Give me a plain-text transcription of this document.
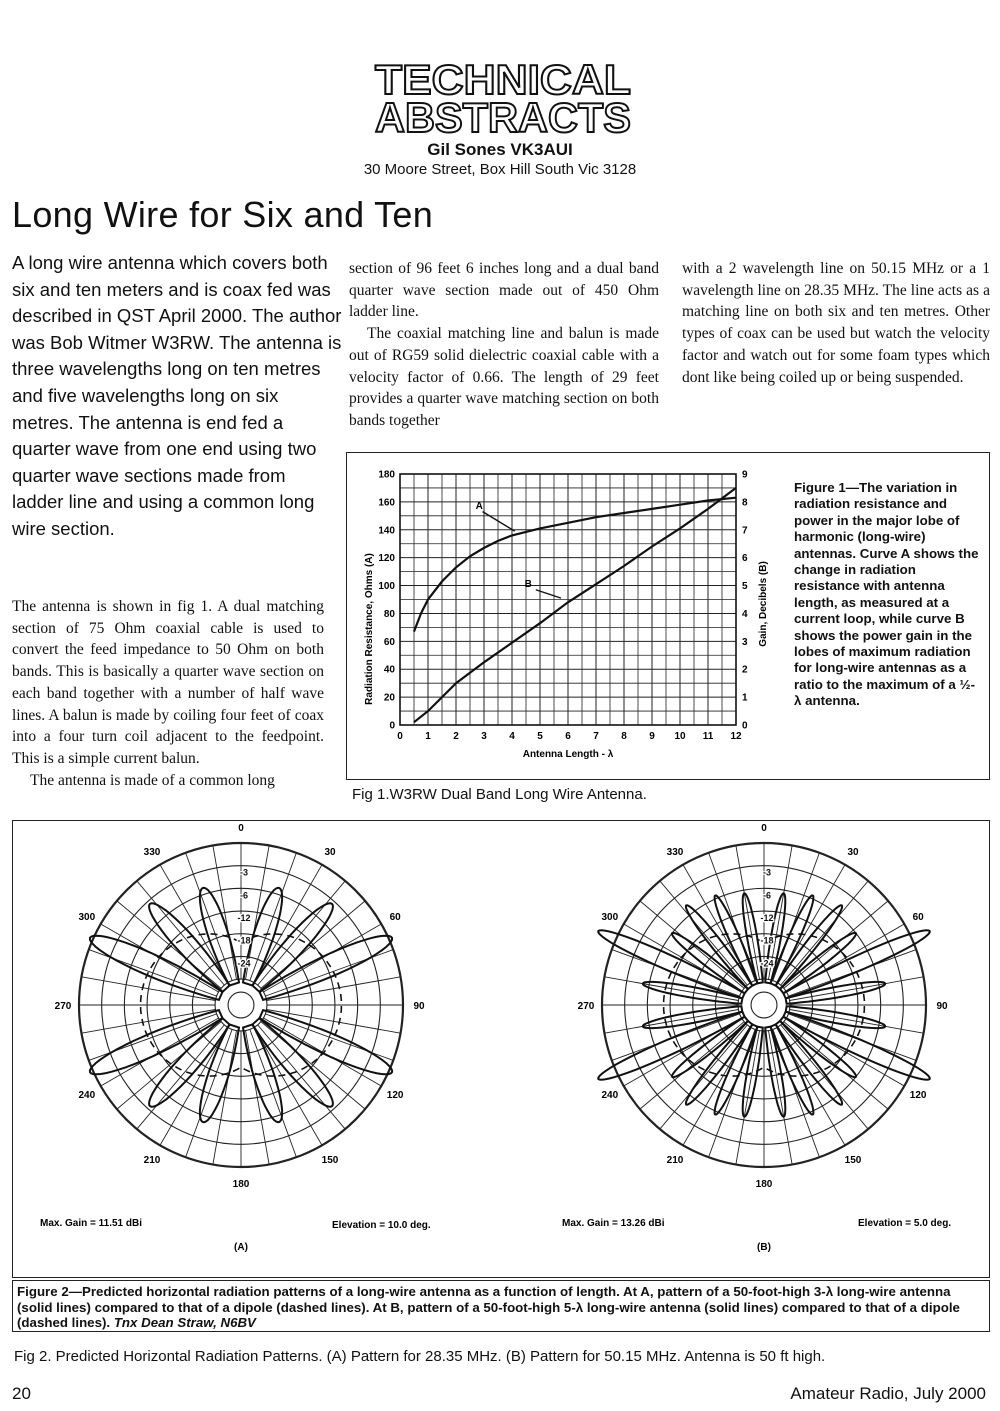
TECHNICAL
ABSTRACTS
Gil Sones VK3AUI
30 Moore Street, Box Hill South Vic 3128
Long Wire for Six and Ten

A long wire antenna which covers both six and ten meters and is coax fed was described in QST April 2000. The author was Bob Witmer W3RW. The antenna is three wavelengths long on ten metres and five wavelengths long on six metres. The antenna is end fed a quarter wave from one end using two quarter wave sections made from ladder line and using a common long wire section.

The antenna is shown in fig 1. A dual matching section of 75 Ohm coaxial cable is used to convert the feed impedance to 50 Ohm on both bands. This is basically a quarter wave section on each band together with a number of half wave lines. A balun is made by coiling four feet of coax into a four turn coil adjacent to the feedpoint. This is a simple current balun.

The antenna is made of a common long

section of 96 feet 6 inches long and a dual band quarter wave section made out of 450 Ohm ladder line.

The coaxial matching line and balun is made out of RG59 solid dielectric coaxial cable with a velocity factor of 0.66. The length of 29 feet provides a quarter wave matching section on both bands together

with a 2 wavelength line on 50.15 MHz or a 1 wavelength line on 28.35 MHz. The line acts as a matching line on both six and ten metres. Other types of coax can be used but watch the velocity factor and watch out for some foam types which dont like being coiled up or being suspended.

0 1 2 3 4 5 6 7 8 9 10 11 12
0
20
40
60
80
100
120
140
160
180
0
1
2
3
4
5
6
7
8
9
A
B
Radiation Resistance, Ohms (A)	Gain, Decibels (B)
Antenna Length - λ
Figure 1—The variation in radiation resistance and power in the major lobe of harmonic (long-wire) antennas. Curve A shows the change in radiation resistance with antenna length, as measured at a current loop, while curve B shows the power gain in the lobes of maximum radiation for long-wire antennas as a ratio to the maximum of a ½-λ antenna.
Fig 1.W3RW Dual Band Long Wire Antenna.
0
30
60
90
120
150
180
210
240
270
300
330
-3
-6
-12
-18
-24
Max. Gain = 11.51 dBi	Elevation = 10.0 deg.
(A)
0
30
60
90
120
150
180
210
240
270
300
330
-3
-6
-12
-18
-24
Max. Gain = 13.26 dBi	Elevation = 5.0 deg.
(B)
Figure 2—Predicted horizontal radiation patterns of a long-wire antenna as a function of length. At A, pattern of a 50-foot-high 3-λ long-wire antenna (solid lines) compared to that of a dipole (dashed lines). At B, pattern of a 50-foot-high 5-λ long-wire antenna (solid lines) compared to that of a dipole (dashed lines). Tnx Dean Straw, N6BV
Fig 2. Predicted Horizontal Radiation Patterns. (A) Pattern for 28.35 MHz. (B) Pattern for 50.15 MHz. Antenna is 50 ft high.
20	Amateur Radio, July 2000
